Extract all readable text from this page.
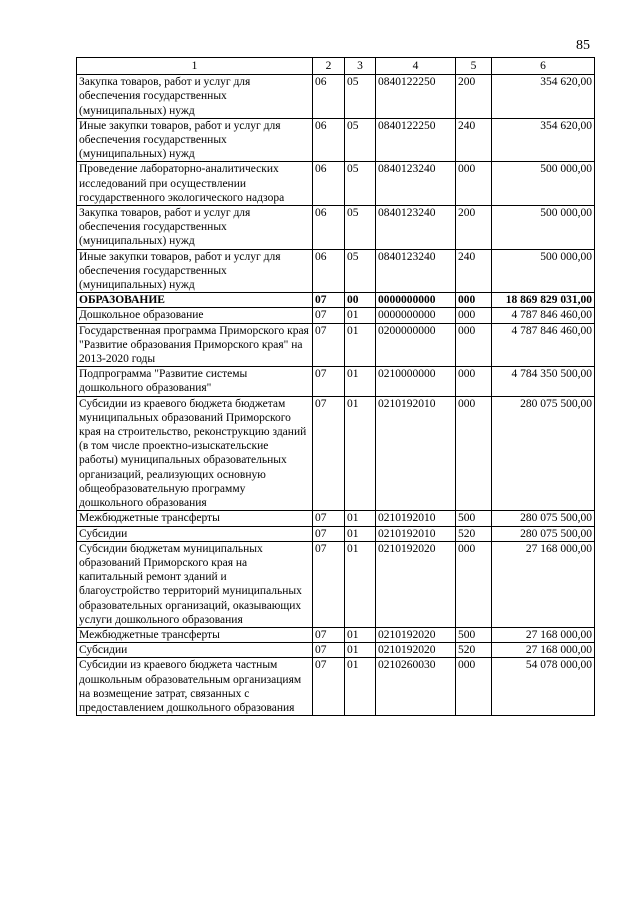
85
1	2	3	4	5	6
Закупка товаров, работ и услуг для обеспечения государственных (муниципальных) нужд	06	05	0840122250	200	354 620,00
Иные закупки товаров, работ и услуг для обеспечения государственных (муниципальных) нужд	06	05	0840122250	240	354 620,00
Проведение лабораторно-аналитических исследований при осуществлении государственного экологического надзора	06	05	0840123240	000	500 000,00
Закупка товаров, работ и услуг для обеспечения государственных (муниципальных) нужд	06	05	0840123240	200	500 000,00
Иные закупки товаров, работ и услуг для обеспечения государственных (муниципальных) нужд	06	05	0840123240	240	500 000,00
ОБРАЗОВАНИЕ	07	00	0000000000	000	18 869 829 031,00
Дошкольное образование	07	01	0000000000	000	4 787 846 460,00
Государственная программа Приморского края "Развитие образования Приморского края" на 2013-2020 годы	07	01	0200000000	000	4 787 846 460,00
Подпрограмма "Развитие системы дошкольного образования"	07	01	0210000000	000	4 784 350 500,00
Субсидии из краевого бюджета бюджетам муниципальных образований Приморского края на строительство, реконструкцию зданий (в том числе проектно-изыскательские работы) муниципальных образовательных организаций, реализующих основную общеобразовательную программу дошкольного образования	07	01	0210192010	000	280 075 500,00
Межбюджетные трансферты	07	01	0210192010	500	280 075 500,00
Субсидии	07	01	0210192010	520	280 075 500,00
Субсидии бюджетам муниципальных образований Приморского края на капитальный ремонт зданий и благоустройство территорий муниципальных образовательных организаций, оказывающих услуги дошкольного образования	07	01	0210192020	000	27 168 000,00
Межбюджетные трансферты	07	01	0210192020	500	27 168 000,00
Субсидии	07	01	0210192020	520	27 168 000,00
Субсидии из краевого бюджета частным дошкольным образовательным организациям на возмещение затрат, связанных с предоставлением дошкольного образования	07	01	0210260030	000	54 078 000,00
